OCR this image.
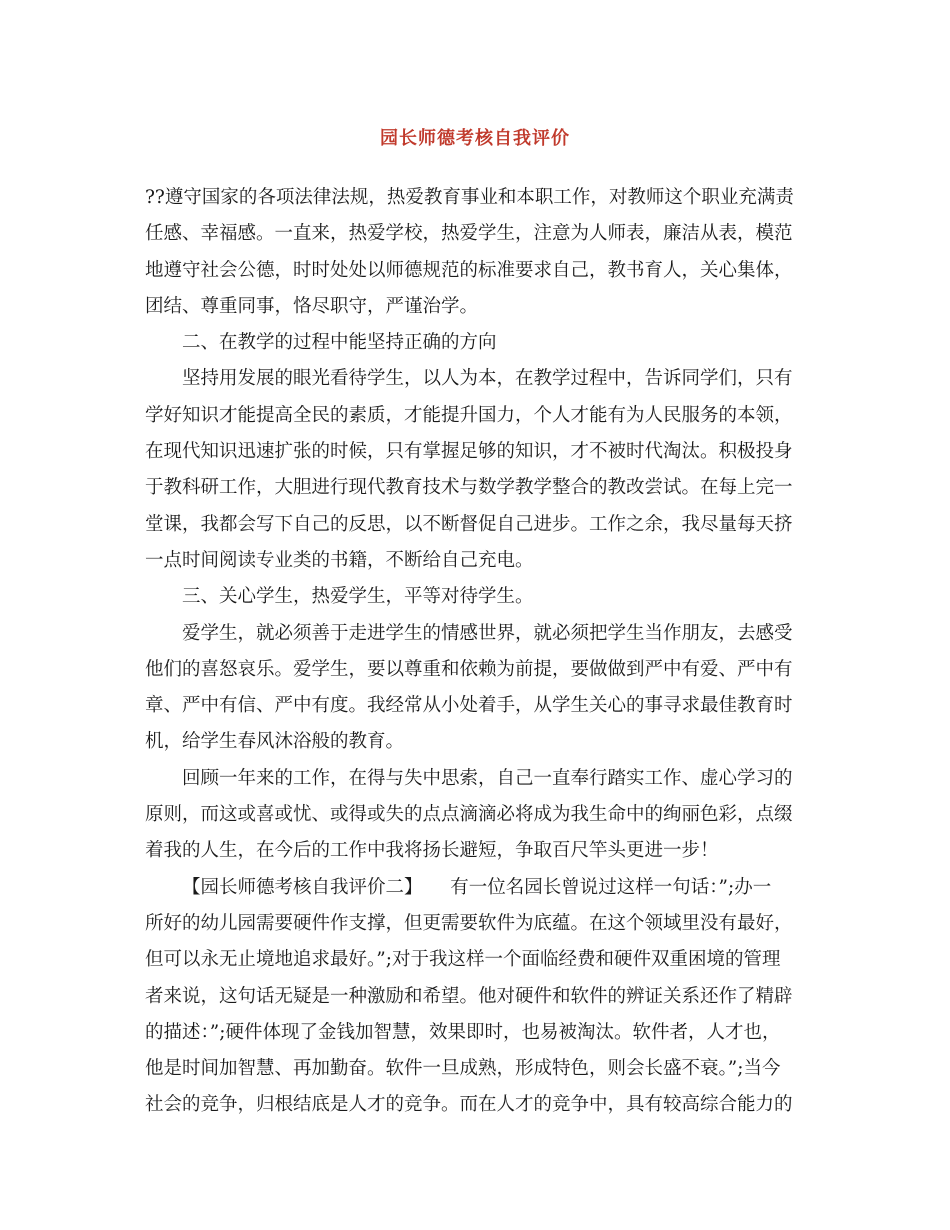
园长师德考核自我评价
??遵守国家的各项法律法规，热爱教育事业和本职工作，对教师这个职业充满责
任感、幸福感。一直来，热爱学校，热爱学生，注意为人师表，廉洁从表，模范
地遵守社会公德，时时处处以师德规范的标准要求自己，教书育人，关心集体，
团结、尊重同事，恪尽职守，严谨治学。
二、在教学的过程中能坚持正确的方向
坚持用发展的眼光看待学生，以人为本，在教学过程中，告诉同学们，只有
学好知识才能提高全民的素质，才能提升国力，个人才能有为人民服务的本领，
在现代知识迅速扩张的时候，只有掌握足够的知识，才不被时代淘汰。积极投身
于教科研工作，大胆进行现代教育技术与数学教学整合的教改尝试。在每上完一
堂课，我都会写下自己的反思，以不断督促自己进步。工作之余，我尽量每天挤
一点时间阅读专业类的书籍，不断给自己充电。
三、关心学生，热爱学生，平等对待学生。
爱学生，就必须善于走进学生的情感世界，就必须把学生当作朋友，去感受
他们的喜怒哀乐。爱学生，要以尊重和依赖为前提，要做做到严中有爱、严中有
章、严中有信、严中有度。我经常从小处着手，从学生关心的事寻求最佳教育时
机，给学生春风沐浴般的教育。
回顾一年来的工作，在得与失中思索，自己一直奉行踏实工作、虚心学习的
原则，而这或喜或忧、或得或失的点点滴滴必将成为我生命中的绚丽色彩，点缀
着我的人生，在今后的工作中我将扬长避短，争取百尺竿头更进一步！
【园长师德考核自我评价二】　　有一位名园长曾说过这样一句话：”;办一
所好的幼儿园需要硬件作支撑，但更需要软件为底蕴。在这个领域里没有最好，
但可以永无止境地追求最好。”;对于我这样一个面临经费和硬件双重困境的管理
者来说，这句话无疑是一种激励和希望。他对硬件和软件的辨证关系还作了精辟
的描述：”;硬件体现了金钱加智慧，效果即时，也易被淘汰。软件者，人才也，
他是时间加智慧、再加勤奋。软件一旦成熟，形成特色，则会长盛不衰。”;当今
社会的竞争，归根结底是人才的竞争。而在人才的竞争中，具有较高综合能力的
